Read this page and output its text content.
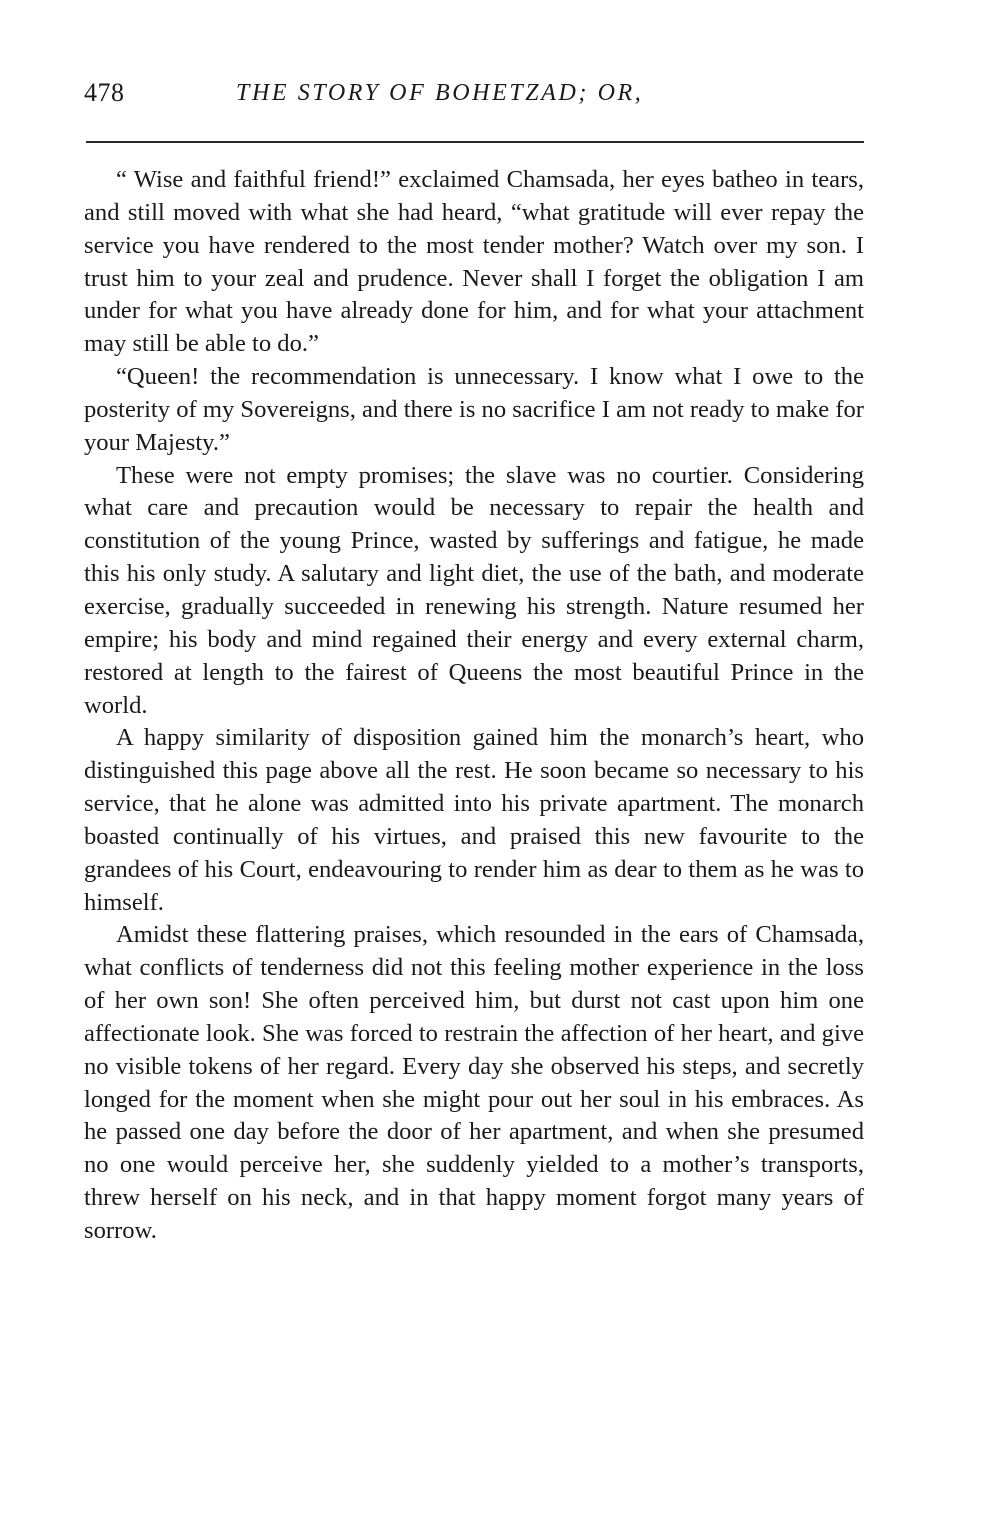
478	THE STORY OF BOHETZAD; OR,

“ Wise and faithful friend!” exclaimed Chamsada, her eyes batheo in tears, and still moved with what she had heard, “what gratitude will ever repay the service you have rendered to the most tender mother? Watch over my son. I trust him to your zeal and prudence. Never shall I forget the obligation I am under for what you have already done for him, and for what your attachment may still be able to do.”

“Queen! the recommendation is unnecessary. I know what I owe to the posterity of my Sovereigns, and there is no sacrifice I am not ready to make for your Majesty.”

These were not empty promises; the slave was no courtier. Considering what care and precaution would be necessary to repair the health and constitution of the young Prince, wasted by sufferings and fatigue, he made this his only study. A salutary and light diet, the use of the bath, and moderate exercise, gradually succeeded in renewing his strength. Nature resumed her empire; his body and mind regained their energy and every external charm, restored at length to the fairest of Queens the most beautiful Prince in the world.

A happy similarity of disposition gained him the monarch’s heart, who distinguished this page above all the rest. He soon became so necessary to his service, that he alone was admitted into his private apartment. The monarch boasted continually of his virtues, and praised this new favourite to the grandees of his Court, endeavouring to render him as dear to them as he was to himself.

Amidst these flattering praises, which resounded in the ears of Chamsada, what conflicts of tenderness did not this feeling mother experience in the loss of her own son! She often perceived him, but durst not cast upon him one affectionate look. She was forced to restrain the affection of her heart, and give no visible tokens of her regard. Every day she observed his steps, and secretly longed for the moment when she might pour out her soul in his embraces. As he passed one day before the door of her apartment, and when she presumed no one would perceive her, she suddenly yielded to a mother’s transports, threw herself on his neck, and in that happy moment forgot many years of sorrow.
